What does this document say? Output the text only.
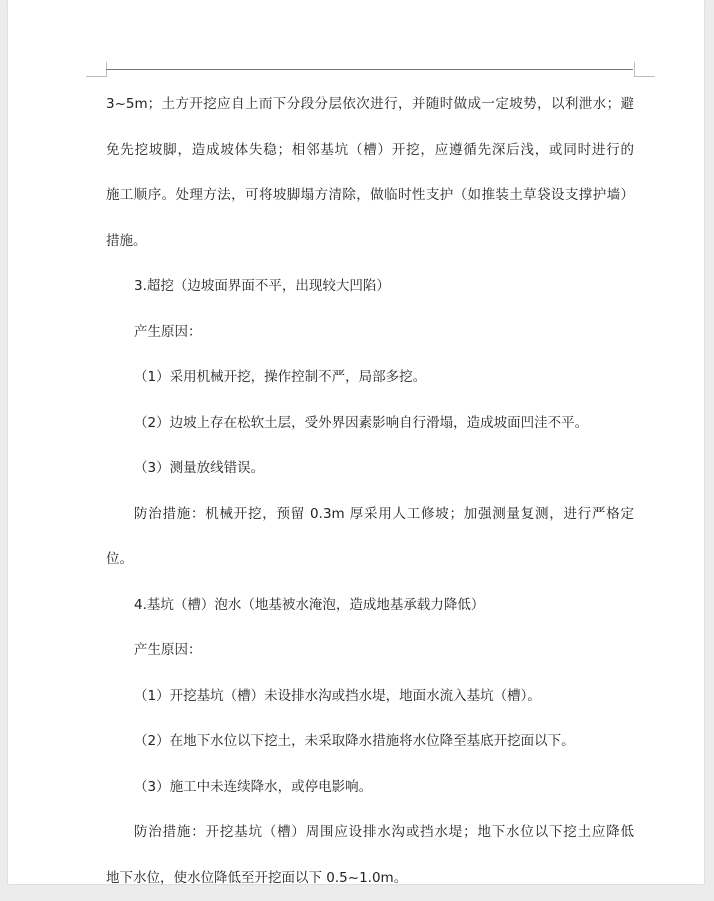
3~5m；土方开挖应自上而下分段分层依次进行，并随时做成一定坡势，以利泄水；避
免先挖坡脚，造成坡体失稳；相邻基坑（槽）开挖，应遵循先深后浅，或同时进行的
施工顺序。处理方法，可将坡脚塌方清除，做临时性支护（如推装土草袋设支撑护墙）
措施。
3.超挖（边坡面界面不平，出现较大凹陷）
产生原因：
（1）采用机械开挖，操作控制不严，局部多挖。
（2）边坡上存在松软土层，受外界因素影响自行滑塌，造成坡面凹洼不平。
（3）测量放线错误。
防治措施：机械开挖，预留 0.3m 厚采用人工修坡；加强测量复测，进行严格定
位。
4.基坑（槽）泡水（地基被水淹泡，造成地基承载力降低）
产生原因：
（1）开挖基坑（槽）未设排水沟或挡水堤，地面水流入基坑（槽）。
（2）在地下水位以下挖土，未采取降水措施将水位降至基底开挖面以下。
（3）施工中未连续降水，或停电影响。
防治措施：开挖基坑（槽）周围应设排水沟或挡水堤；地下水位以下挖土应降低
地下水位，使水位降低至开挖面以下 0.5~1.0m。
